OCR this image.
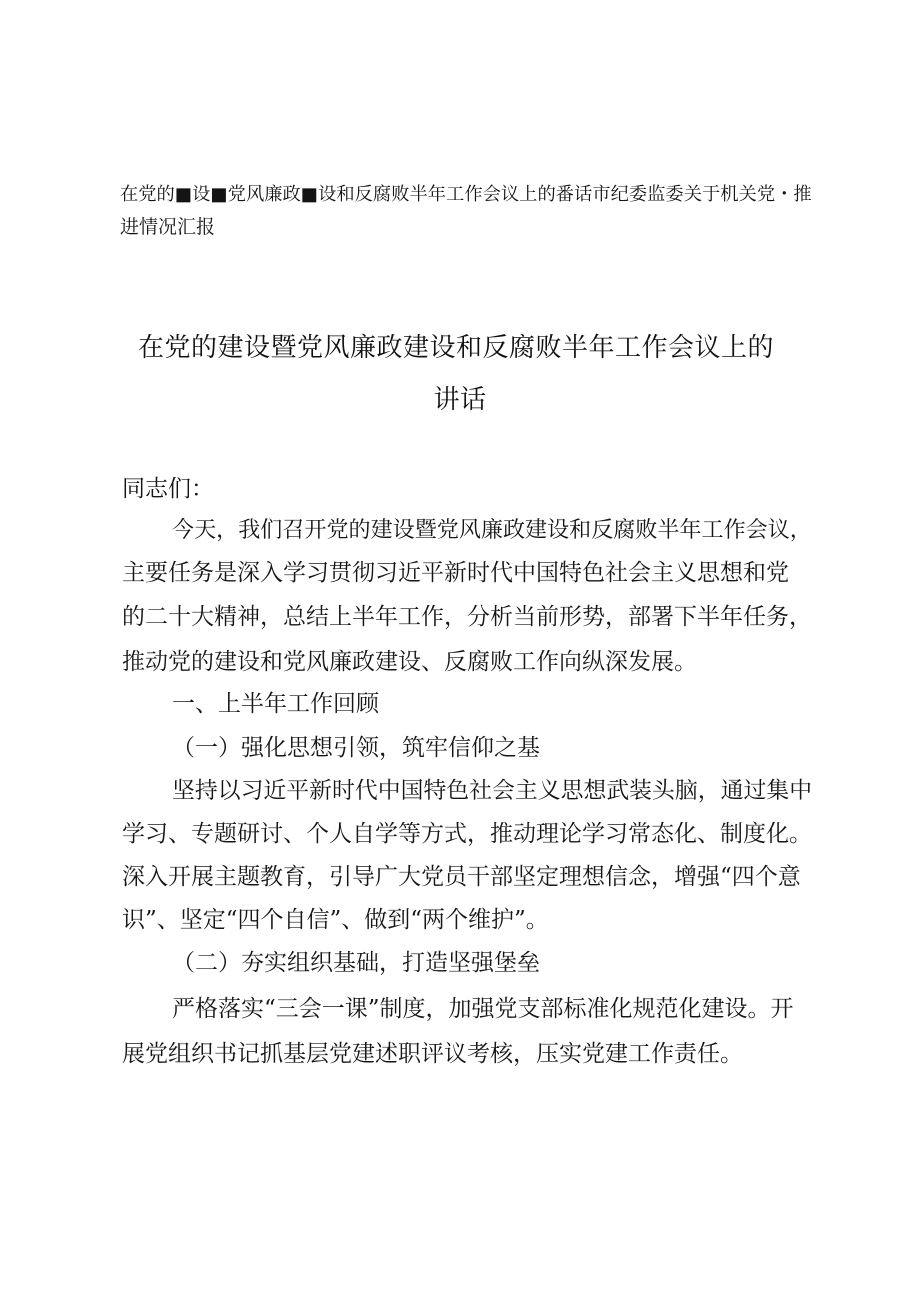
在党的■设■党风廉政■设和反腐败半年工作会议上的番话市纪委监委关于机关党・推
进情况汇报
在党的建设暨党风廉政建设和反腐败半年工作会议上的
讲话
同志们：
今天，我们召开党的建设暨党风廉政建设和反腐败半年工作会议，
主要任务是深入学习贯彻习近平新时代中国特色社会主义思想和党
的二十大精神，总结上半年工作，分析当前形势，部署下半年任务，
推动党的建设和党风廉政建设、反腐败工作向纵深发展。
一、上半年工作回顾
（一）强化思想引领，筑牢信仰之基
坚持以习近平新时代中国特色社会主义思想武装头脑，通过集中
学习、专题研讨、个人自学等方式，推动理论学习常态化、制度化。
深入开展主题教育，引导广大党员干部坚定理想信念，增强“四个意
识”、坚定“四个自信”、做到“两个维护”。
（二）夯实组织基础，打造坚强堡垒
严格落实“三会一课”制度，加强党支部标准化规范化建设。开
展党组织书记抓基层党建述职评议考核，压实党建工作责任。
